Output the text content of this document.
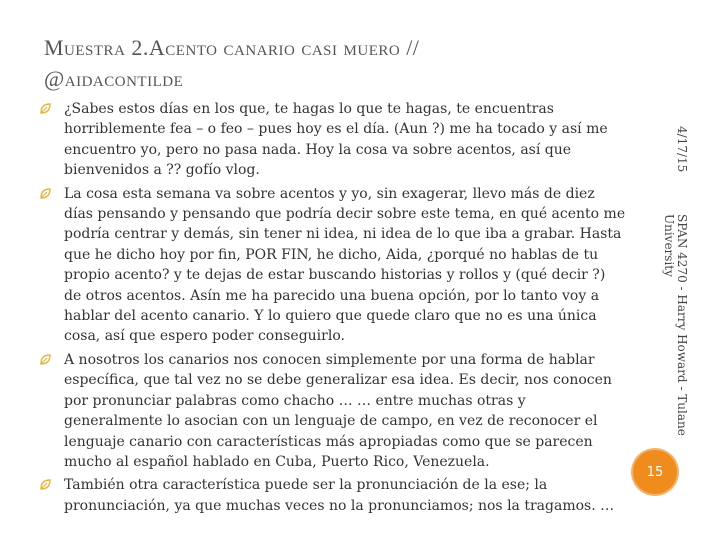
Muestra 2.Acento canario casi muero //
@aidacontilde
¿Sabes estos días en los que, te hagas lo que te hagas, te encuentras horriblemente fea – o feo – pues hoy es el día. (Aun ?) me ha tocado y así me encuentro yo, pero no pasa nada. Hoy la cosa va sobre acentos, así que bienvenidos a ?? gofío vlog.
La cosa esta semana va sobre acentos y yo, sin exagerar, llevo más de diez días pensando y pensando que podría decir sobre este tema, en qué acento me podría centrar y demás, sin tener ni idea, ni idea de lo que iba a grabar. Hasta que he dicho hoy por fin, POR FIN, he dicho, Aida, ¿porqué no hablas de tu propio acento? y te dejas de estar buscando historias y rollos y (qué decir ?) de otros acentos. Asín me ha parecido una buena opción, por lo tanto voy a hablar del acento canario. Y lo quiero que quede claro que no es una única cosa, así que espero poder conseguirlo.
A nosotros los canarios nos conocen simplemente por una forma de hablar específica, que tal vez no se debe generalizar esa idea. Es decir, nos conocen por pronunciar palabras como chacho … … entre muchas otras y generalmente lo asocian con un lenguaje de campo, en vez de reconocer el lenguaje canario con características más apropiadas como que se parecen mucho al español hablado en Cuba, Puerto Rico, Venezuela.
También otra característica puede ser la pronunciación de la ese; la pronunciación, ya que muchas veces no la pronunciamos; nos la tragamos. …
4/17/15
SPAN 4270 - Harry Howard - Tulane
University
15
